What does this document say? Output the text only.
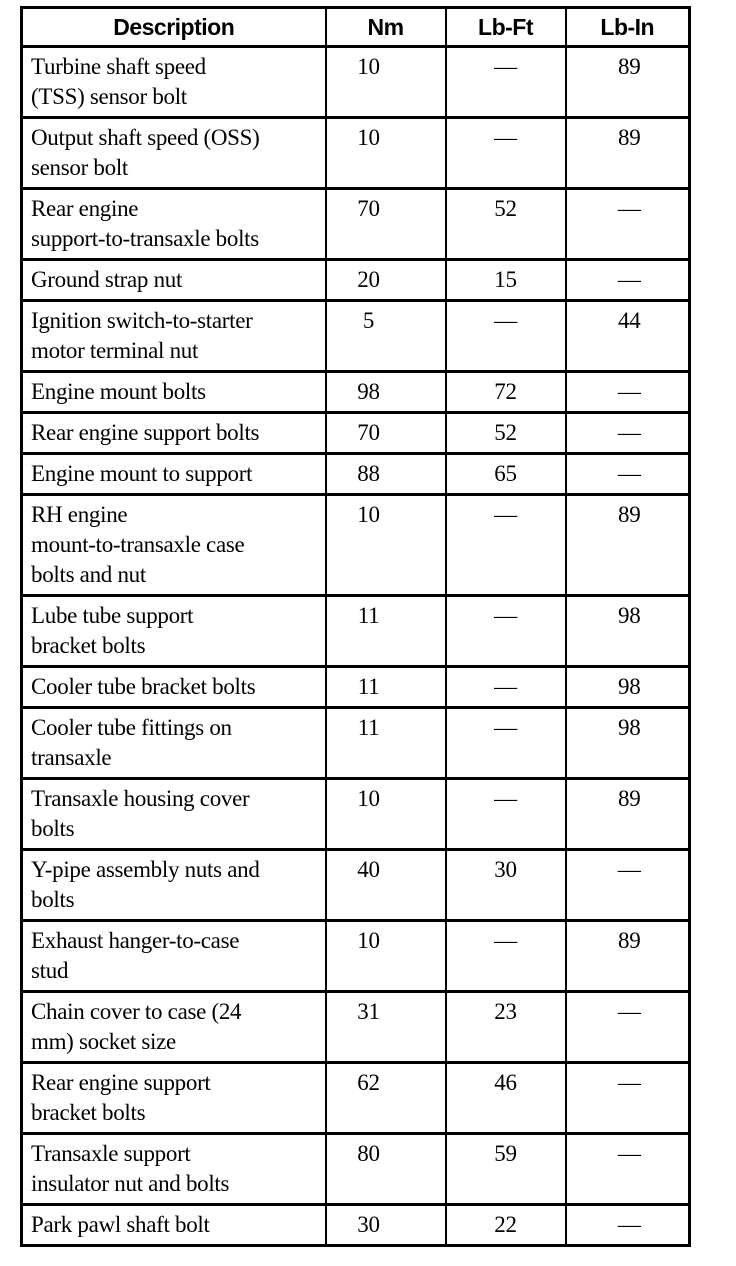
Description	Nm	Lb-Ft	Lb-In

Turbine shaft speed
(TSS) sensor bolt	10	—	89

Output shaft speed (OSS)
sensor bolt	10	—	89

Rear engine
support-to-transaxle bolts	70	52	—

Ground strap nut	20	15	—

Ignition switch-to-starter
motor terminal nut	5	—	44

Engine mount bolts	98	72	—

Rear engine support bolts	70	52	—

Engine mount to support	88	65	—

RH engine
mount-to-transaxle case
bolts and nut	10	—	89

Lube tube support
bracket bolts	11	—	98

Cooler tube bracket bolts	11	—	98

Cooler tube fittings on
transaxle	11	—	98

Transaxle housing cover
bolts	10	—	89

Y-pipe assembly nuts and
bolts	40	30	—

Exhaust hanger-to-case
stud	10	—	89

Chain cover to case (24
mm) socket size	31	23	—

Rear engine support
bracket bolts	62	46	—

Transaxle support
insulator nut and bolts	80	59	—

Park pawl shaft bolt	30	22	—
